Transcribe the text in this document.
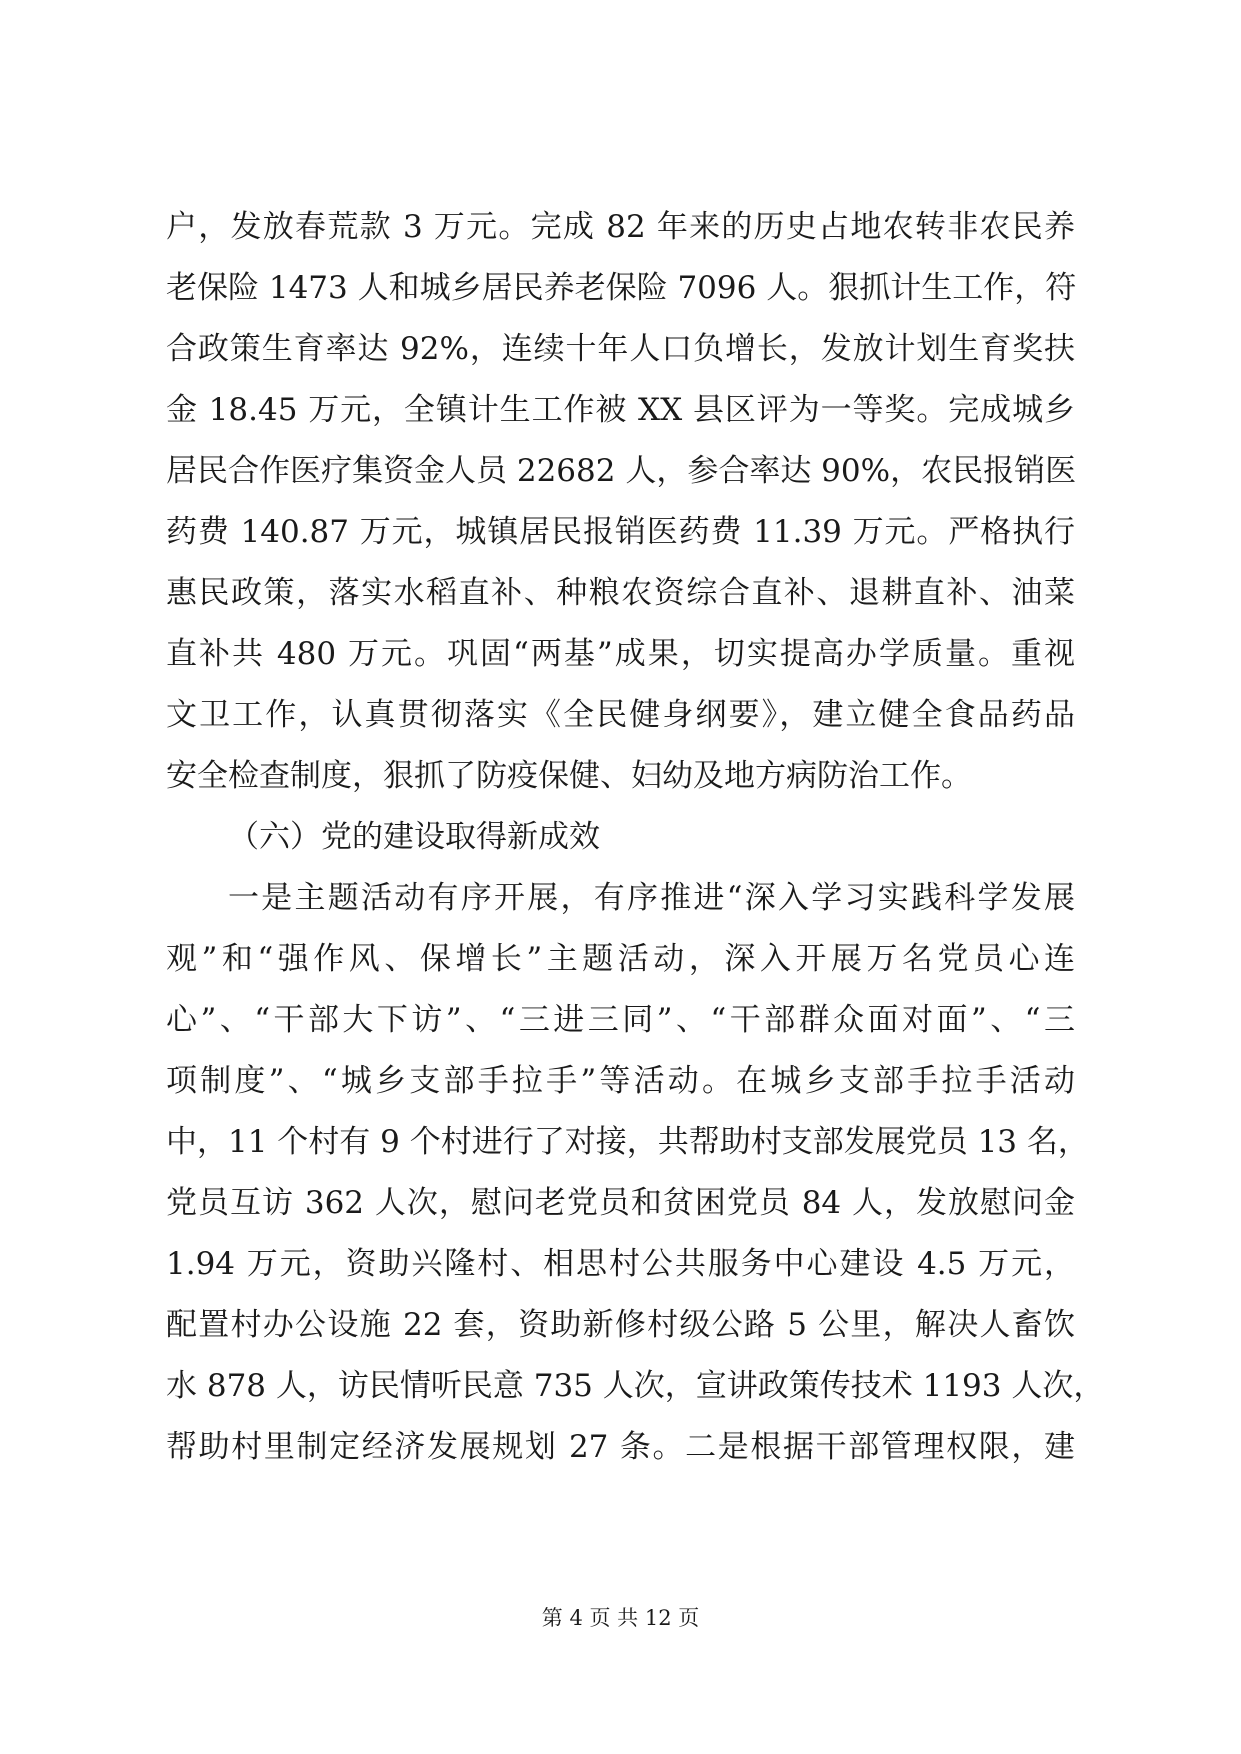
户，发放春荒款 3 万元。完成 82 年来的历史占地农转非农民养
老保险 1473 人和城乡居民养老保险 7096 人。狠抓计生工作，符
合政策生育率达 92%，连续十年人口负增长，发放计划生育奖扶
金 18.45 万元，全镇计生工作被 XX 县区评为一等奖。完成城乡
居民合作医疗集资金人员 22682 人，参合率达 90%，农民报销医
药费 140.87 万元，城镇居民报销医药费 11.39 万元。严格执行
惠民政策，落实水稻直补、种粮农资综合直补、退耕直补、油菜
直补共 480 万元。巩固“两基”成果，切实提高办学质量。重视
文卫工作，认真贯彻落实《全民健身纲要》，建立健全食品药品
安全检查制度，狠抓了防疫保健、妇幼及地方病防治工作。
（六）党的建设取得新成效
一是主题活动有序开展，有序推进“深入学习实践科学发展
观”和“强作风、保增长”主题活动，深入开展万名党员心连
心”、“干部大下访”、“三进三同”、“干部群众面对面”、“三
项制度”、“城乡支部手拉手”等活动。在城乡支部手拉手活动
中，11 个村有 9 个村进行了对接，共帮助村支部发展党员 13 名，
党员互访 362 人次，慰问老党员和贫困党员 84 人，发放慰问金
1.94 万元，资助兴隆村、相思村公共服务中心建设 4.5 万元，
配置村办公设施 22 套，资助新修村级公路 5 公里，解决人畜饮
水 878 人，访民情听民意 735 人次，宣讲政策传技术 1193 人次，
帮助村里制定经济发展规划 27 条。二是根据干部管理权限，建
第 4 页 共 12 页
